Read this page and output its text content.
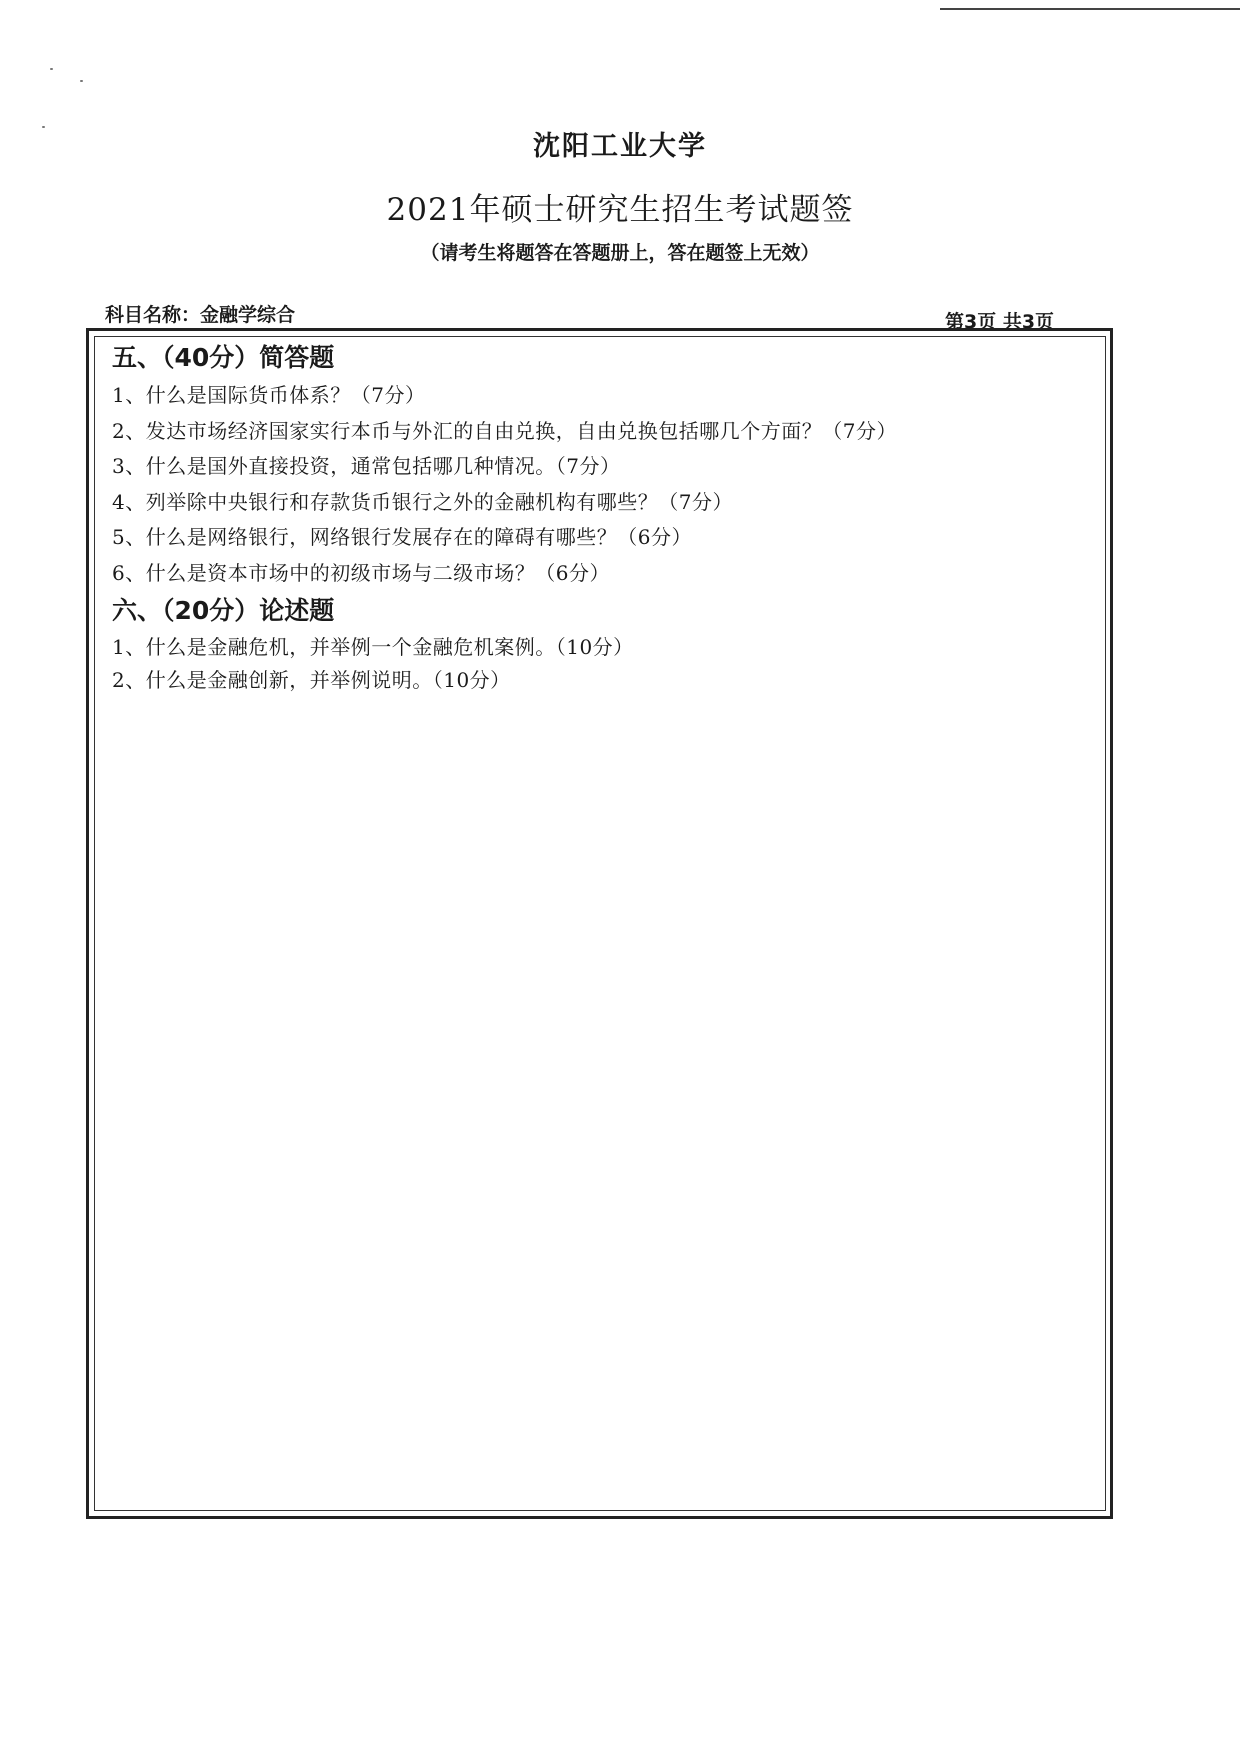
沈阳工业大学
2021年硕士研究生招生考试题签
（请考生将题答在答题册上，答在题签上无效）
科目名称：金融学综合	第3页 共3页
五、（40分）简答题
1、什么是国际货币体系？（7分）
2、发达市场经济国家实行本币与外汇的自由兑换，自由兑换包括哪几个方面？（7分）
3、什么是国外直接投资，通常包括哪几种情况。（7分）
4、列举除中央银行和存款货币银行之外的金融机构有哪些？（7分）
5、什么是网络银行，网络银行发展存在的障碍有哪些？（6分）
6、什么是资本市场中的初级市场与二级市场？（6分）
六、（20分）论述题
1、什么是金融危机，并举例一个金融危机案例。（10分）
2、什么是金融创新，并举例说明。（10分）
